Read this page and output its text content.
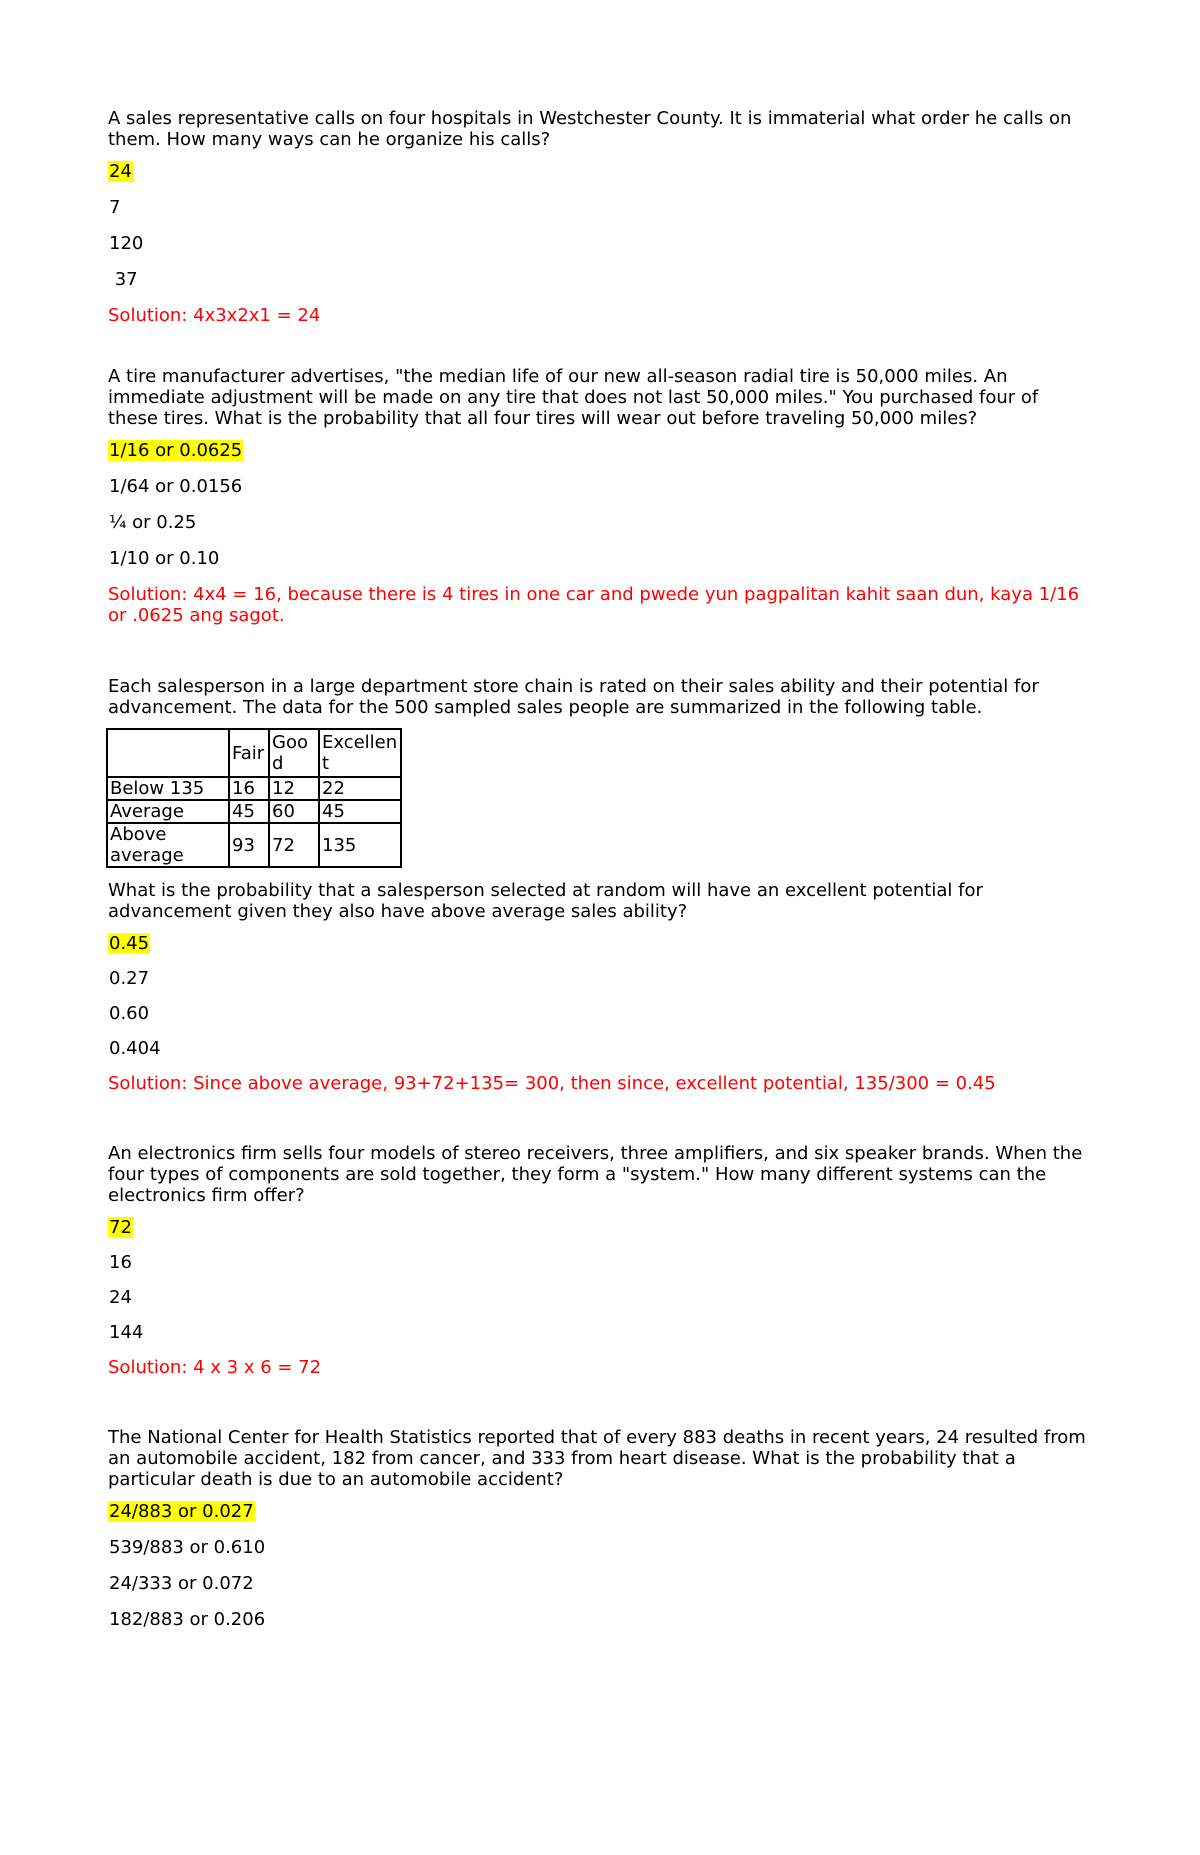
A sales representative calls on four hospitals in Westchester County. It is immaterial what order he calls on them. How many ways can he organize his calls?

24
7
120
37

Solution: 4x3x2x1 = 24

A tire manufacturer advertises, "the median life of our new all-season radial tire is 50,000 miles. An immediate adjustment will be made on any tire that does not last 50,000 miles." You purchased four of these tires. What is the probability that all four tires will wear out before traveling 50,000 miles?

1/16 or 0.0625
1/64 or 0.0156
¼ or 0.25
1/10 or 0.10

Solution: 4x4 = 16, because there is 4 tires in one car and pwede yun pagpalitan kahit saan dun, kaya 1/16 or .0625 ang sagot.

Each salesperson in a large department store chain is rated on their sales ability and their potential for advancement. The data for the 500 sampled sales people are summarized in the following table.

	Fair	Goo d	Excellen t
Below 135	16	12	22
Average	45	60	45
Above average	93	72	135

What is the probability that a salesperson selected at random will have an excellent potential for advancement given they also have above average sales ability?

0.45
0.27
0.60
0.404

Solution: Since above average, 93+72+135= 300, then since, excellent potential, 135/300 = 0.45

An electronics firm sells four models of stereo receivers, three amplifiers, and six speaker brands. When the four types of components are sold together, they form a "system." How many different systems can the electronics firm offer?

72
16
24
144

Solution: 4 x 3 x 6 = 72

The National Center for Health Statistics reported that of every 883 deaths in recent years, 24 resulted from an automobile accident, 182 from cancer, and 333 from heart disease. What is the probability that a particular death is due to an automobile accident?

24/883 or 0.027
539/883 or 0.610
24/333 or 0.072
182/883 or 0.206
